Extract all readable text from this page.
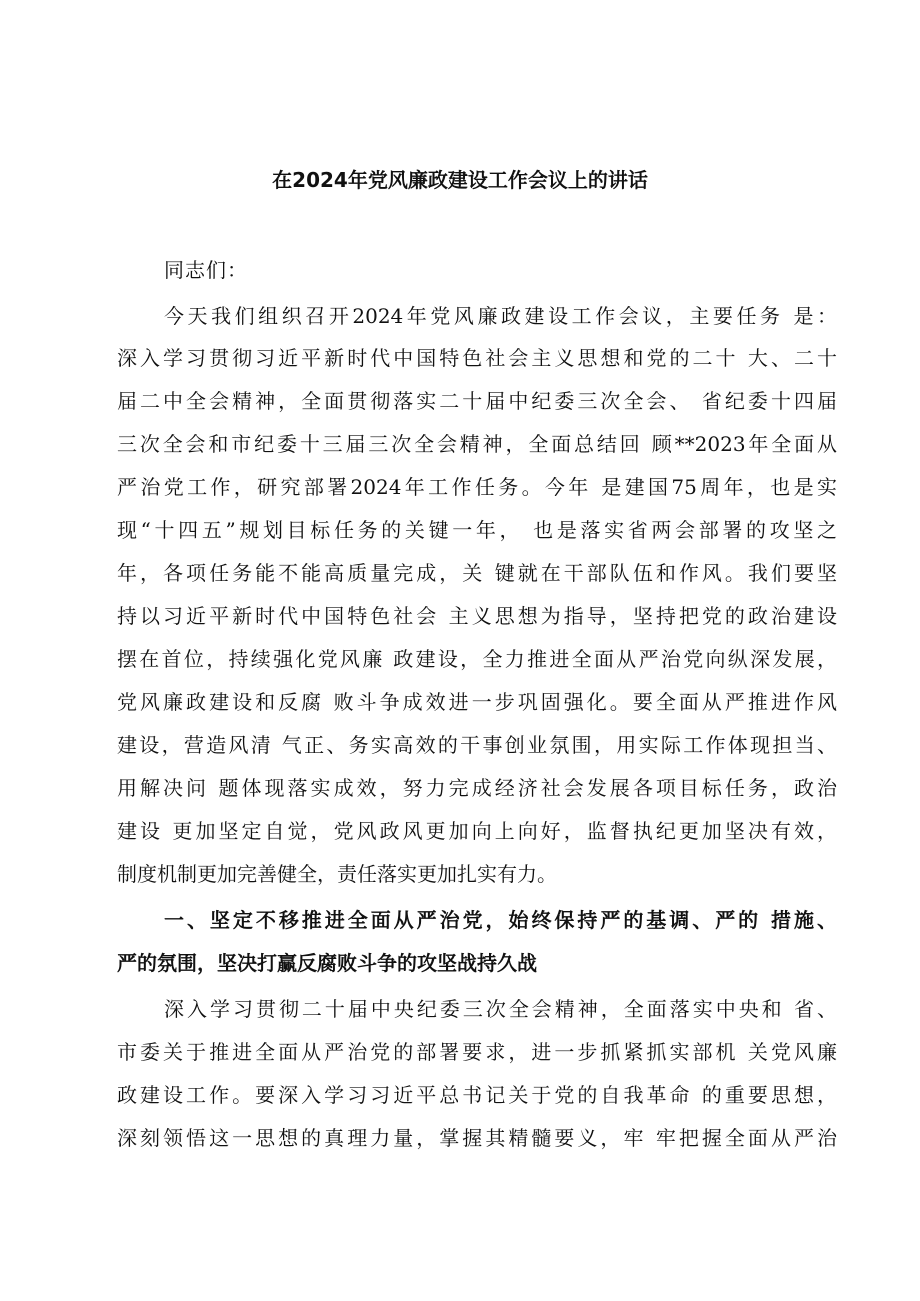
在2024年党风廉政建设工作会议上的讲话
同志们：
今天我们组织召开2024年党风廉政建设工作会议，主要任务 是：
深入学习贯彻习近平新时代中国特色社会主义思想和党的二十 大、二十
届二中全会精神，全面贯彻落实二十届中纪委三次全会、 省纪委十四届
三次全会和市纪委十三届三次全会精神，全面总结回 顾**2023年全面从
严治党工作，研究部署2024年工作任务。今年 是建国75周年，也是实
现“十四五”规划目标任务的关键一年， 也是落实省两会部署的攻坚之
年，各项任务能不能高质量完成，关 键就在干部队伍和作风。我们要坚
持以习近平新时代中国特色社会 主义思想为指导，坚持把党的政治建设
摆在首位，持续强化党风廉 政建设，全力推进全面从严治党向纵深发展，
党风廉政建设和反腐 败斗争成效进一步巩固强化。要全面从严推进作风
建设，营造风清 气正、务实高效的干事创业氛围，用实际工作体现担当、
用解决问 题体现落实成效，努力完成经济社会发展各项目标任务，政治
建设 更加坚定自觉，党风政风更加向上向好，监督执纪更加坚决有效，
制度机制更加完善健全，责任落实更加扎实有力。
一、坚定不移推进全面从严治党，始终保持严的基调、严的 措施、
严的氛围，坚决打赢反腐败斗争的攻坚战持久战
深入学习贯彻二十届中央纪委三次全会精神，全面落实中央和 省、
市委关于推进全面从严治党的部署要求，进一步抓紧抓实部机 关党风廉
政建设工作。要深入学习习近平总书记关于党的自我革命 的重要思想，
深刻领悟这一思想的真理力量，掌握其精髓要义，牢 牢把握全面从严治
